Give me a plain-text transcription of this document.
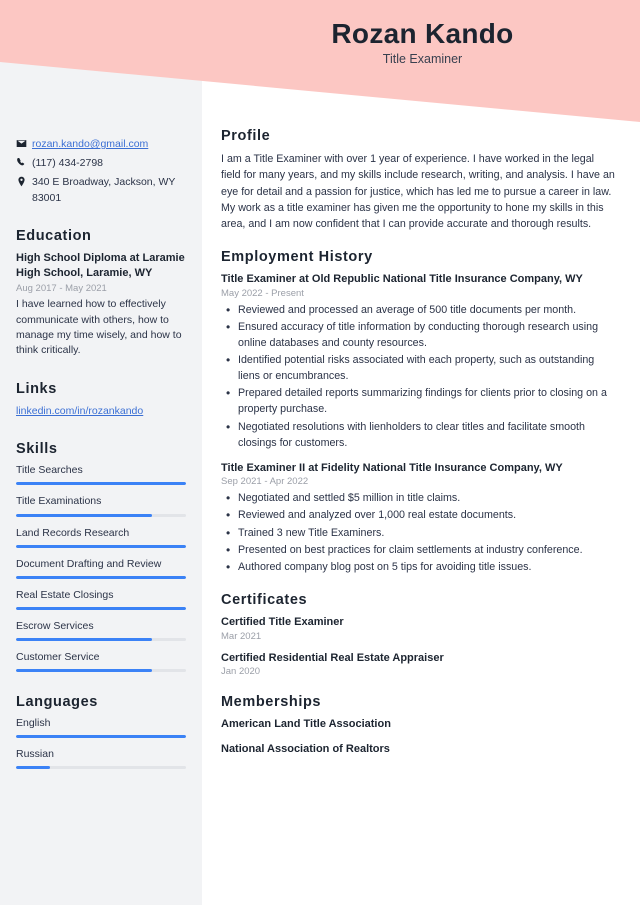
rozan.kando@gmail.com
(117) 434-2798
340 E Broadway, Jackson, WY 83001
Education
High School Diploma at Laramie High School, Laramie, WY
Aug 2017 - May 2021
I have learned how to effectively communicate with others, how to manage my time wisely, and how to think critically.
Links
linkedin.com/in/rozankando
Skills
Title Searches
Title Examinations
Land Records Research
Document Drafting and Review
Real Estate Closings
Escrow Services
Customer Service
Languages
English
Russian
Profile

I am a Title Examiner with over 1 year of experience. I have worked in the legal field for many years, and my skills include research, writing, and analysis. I have an eye for detail and a passion for justice, which has led me to pursue a career in law. My work as a title examiner has given me the opportunity to hone my skills in this area, and I am now confident that I can provide accurate and thorough results.

Employment History
Title Examiner at Old Republic National Title Insurance Company, WY
May 2022 - Present
• Reviewed and processed an average of 500 title documents per month.
• Ensured accuracy of title information by conducting thorough research using online databases and county resources.
• Identified potential risks associated with each property, such as outstanding liens or encumbrances.
• Prepared detailed reports summarizing findings for clients prior to closing on a property purchase.
• Negotiated resolutions with lienholders to clear titles and facilitate smooth closings for customers.
Title Examiner II at Fidelity National Title Insurance Company, WY
Sep 2021 - Apr 2022
• Negotiated and settled $5 million in title claims.
• Reviewed and analyzed over 1,000 real estate documents.
• Trained 3 new Title Examiners.
• Presented on best practices for claim settlements at industry conference.
• Authored company blog post on 5 tips for avoiding title issues.
Certificates
Certified Title Examiner
Mar 2021
Certified Residential Real Estate Appraiser
Jan 2020
Memberships
American Land Title Association
National Association of Realtors
Rozan Kando
Title Examiner
